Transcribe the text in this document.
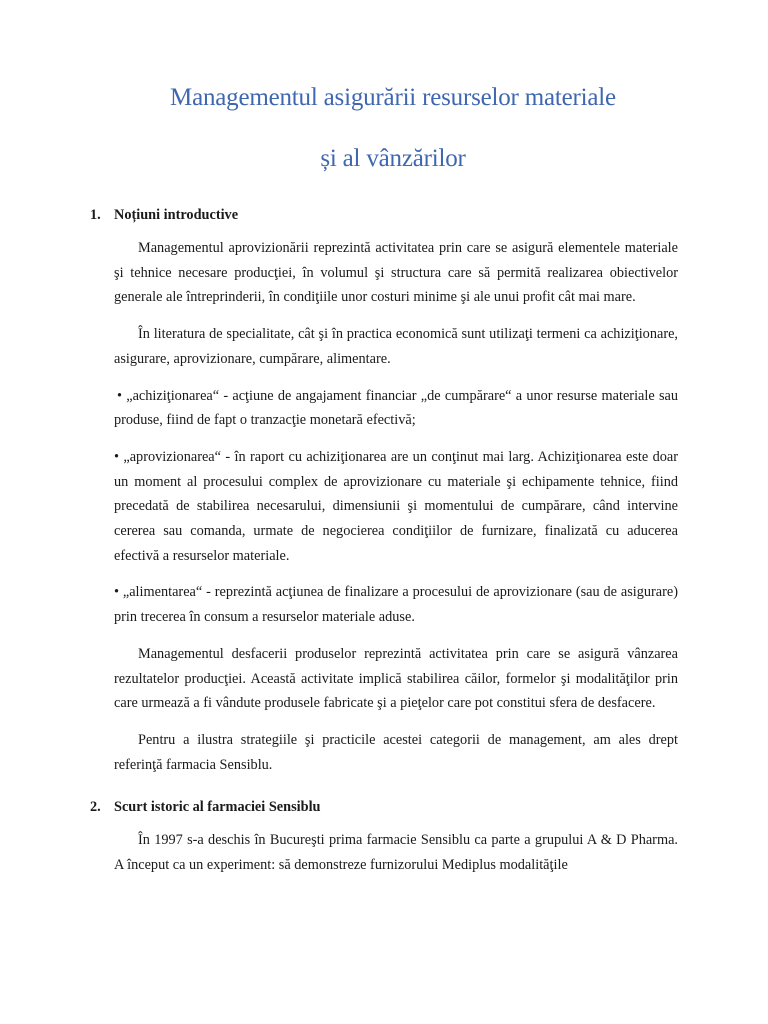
Managementul asigurării resurselor materiale
și al vânzărilor
1. Noțiuni introductive

Managementul aprovizionării reprezintă activitatea prin care se asigură elementele materiale şi tehnice necesare producţiei, în volumul şi structura care să permită realizarea obiectivelor generale ale întreprinderii, în condiţiile unor costuri minime şi ale unui profit cât mai mare.

În literatura de specialitate, cât şi în practica economică sunt utilizaţi termeni ca achiziţionare, asigurare, aprovizionare, cumpărare, alimentare.

• „achiziţionarea“ - acţiune de angajament financiar „de cumpărare“ a unor resurse materiale sau produse, fiind de fapt o tranzacţie monetară efectivă;

• „aprovizionarea“ - în raport cu achiziţionarea are un conţinut mai larg. Achiziţionarea este doar un moment al procesului complex de aprovizionare cu materiale şi echipamente tehnice, fiind precedată de stabilirea necesarului, dimensiunii şi momentului de cumpărare, când intervine cererea sau comanda, urmate de negocierea condiţiilor de furnizare, finalizată cu aducerea efectivă a resurselor materiale.

• „alimentarea“ - reprezintă acţiunea de finalizare a procesului de aprovizionare (sau de asigurare) prin trecerea în consum a resurselor materiale aduse.

Managementul desfacerii produselor reprezintă activitatea prin care se asigură vânzarea rezultatelor producţiei. Această activitate implică stabilirea căilor, formelor şi modalităţilor prin care urmează a fi vândute produsele fabricate şi a pieţelor care pot constitui sfera de desfacere.

Pentru a ilustra strategiile şi practicile acestei categorii de management, am ales drept referinţă farmacia Sensiblu.

2. Scurt istoric al farmaciei Sensiblu

În 1997 s-a deschis în Bucureşti prima farmacie Sensiblu ca parte a grupului A & D Pharma. A început ca un experiment: să demonstreze furnizorului Mediplus modalităţile
